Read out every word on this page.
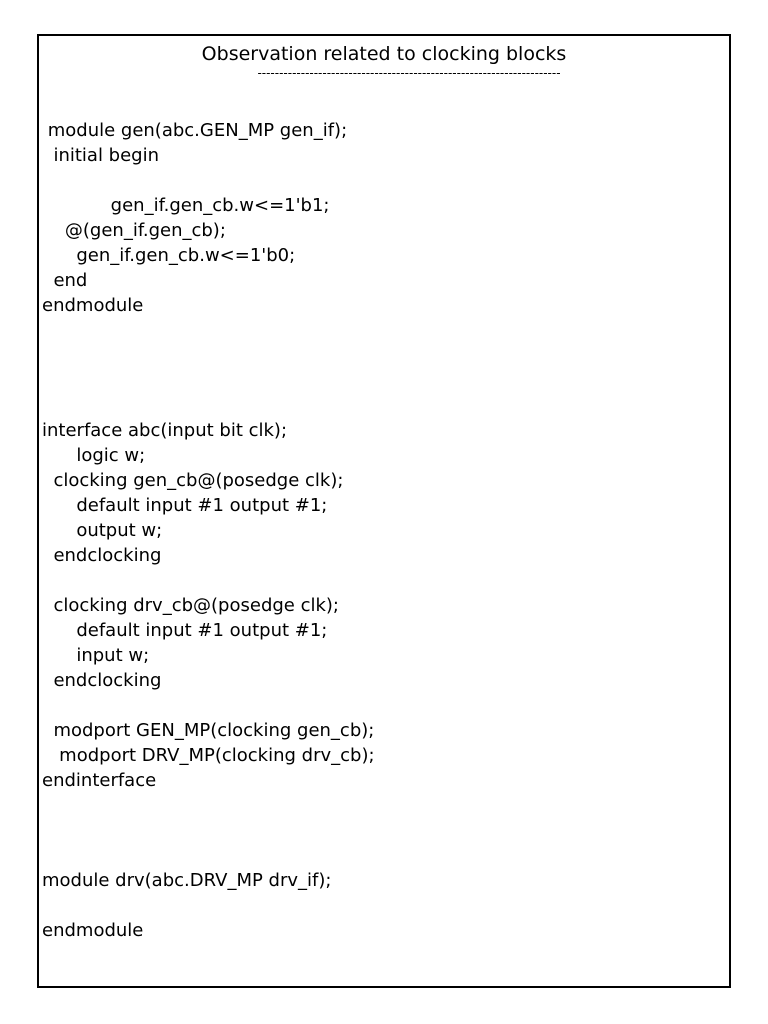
Observation related to clocking blocks
----------------------------------------------------------------------
module gen(abc.GEN_MP gen_if);
initial begin
gen_if.gen_cb.w<=1'b1;
@(gen_if.gen_cb);
gen_if.gen_cb.w<=1'b0;
end
endmodule
interface abc(input bit clk);
logic w;
clocking gen_cb@(posedge clk);
default input #1 output #1;
output w;
endclocking
clocking drv_cb@(posedge clk);
default input #1 output #1;
input w;
endclocking
modport GEN_MP(clocking gen_cb);
modport DRV_MP(clocking drv_cb);
endinterface
module drv(abc.DRV_MP drv_if);
endmodule
